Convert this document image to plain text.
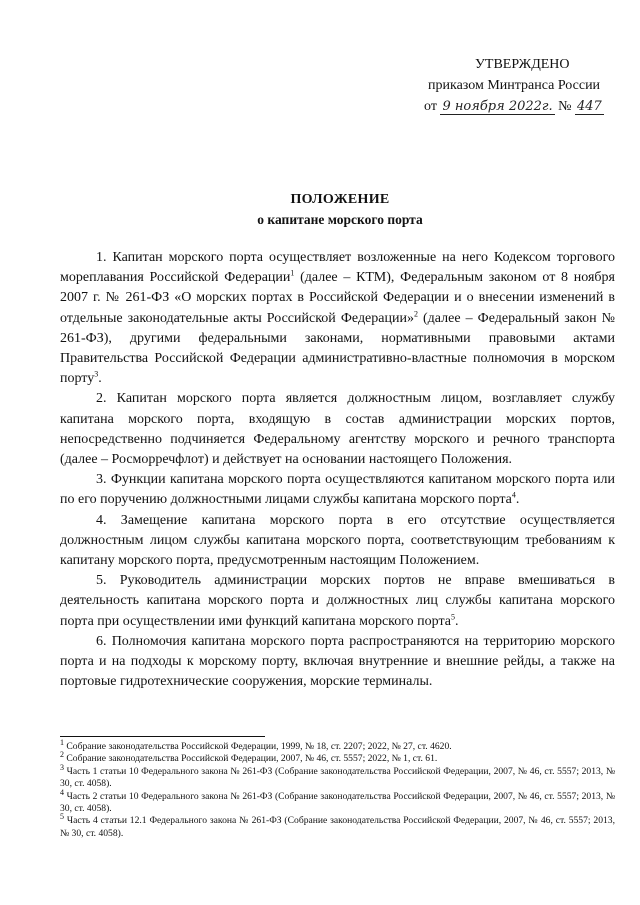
УТВЕРЖДЕНО
приказом Минтранса России
от 9 ноября 2022г. № 447
ПОЛОЖЕНИЕ
о капитане морского порта

1. Капитан морского порта осуществляет возложенные на него Кодексом торгового мореплавания Российской Федерации$^1$ (далее – КТМ), Федеральным законом от 8 ноября 2007 г. № 261-ФЗ «О морских портах в Российской Федерации и о внесении изменений в отдельные законодательные акты Российской Федерации»$^2$ (далее – Федеральный закон № 261-ФЗ), другими федеральными законами, нормативными правовыми актами Правительства Российской Федерации административно-властные полномочия в морском порту$^3$.

2. Капитан морского порта является должностным лицом, возглавляет службу капитана морского порта, входящую в состав администрации морских портов, непосредственно подчиняется Федеральному агентству морского и речного транспорта (далее – Росморречфлот) и действует на основании настоящего Положения.

3. Функции капитана морского порта осуществляются капитаном морского порта или по его поручению должностными лицами службы капитана морского порта$^4$.

4. Замещение капитана морского порта в его отсутствие осуществляется должностным лицом службы капитана морского порта, соответствующим требованиям к капитану морского порта, предусмотренным настоящим Положением.

5. Руководитель администрации морских портов не вправе вмешиваться в деятельность капитана морского порта и должностных лиц службы капитана морского порта при осуществлении ими функций капитана морского порта$^5$.

6. Полномочия капитана морского порта распространяются на территорию морского порта и на подходы к морскому порту, включая внутренние и внешние рейды, а также на портовые гидротехнические сооружения, морские терминалы.

$^1$ Собрание законодательства Российской Федерации, 1999, № 18, ст. 2207; 2022, № 27, ст. 4620.
$^2$ Собрание законодательства Российской Федерации, 2007, № 46, ст. 5557; 2022, № 1, ст. 61.
$^3$ Часть 1 статьи 10 Федерального закона № 261-ФЗ (Собрание законодательства Российской Федерации, 2007, № 46, ст. 5557; 2013, № 30, ст. 4058).
$^4$ Часть 2 статьи 10 Федерального закона № 261-ФЗ (Собрание законодательства Российской Федерации, 2007, № 46, ст. 5557; 2013, № 30, ст. 4058).
$^5$ Часть 4 статьи 12.1 Федерального закона № 261-ФЗ (Собрание законодательства Российской Федерации, 2007, № 46, ст. 5557; 2013, № 30, ст. 4058).
